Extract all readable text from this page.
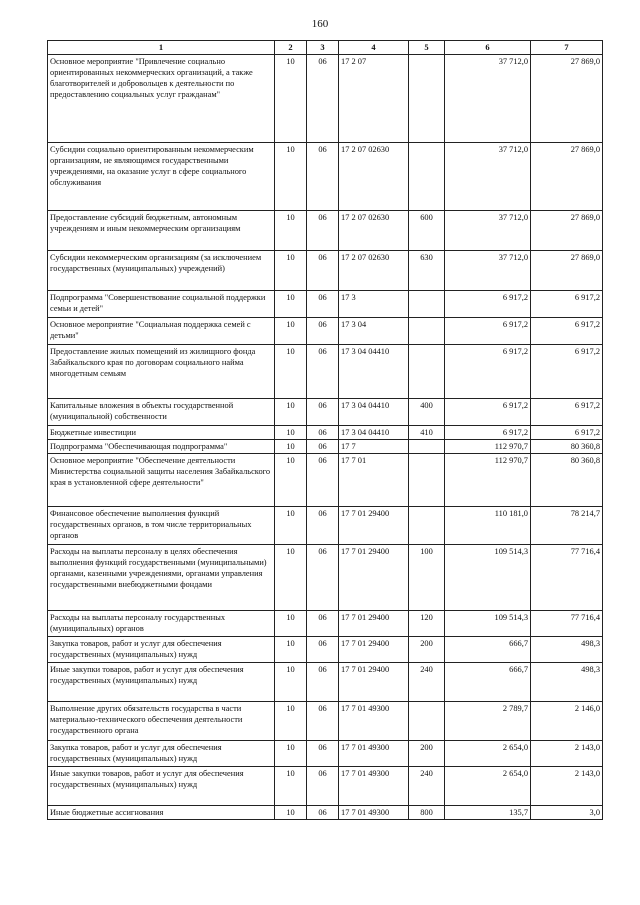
160
1	2	3	4	5	6	7
Основное мероприятие "Привлечение социально ориентированных некоммерческих организаций, а также благотворителей и добровольцев к деятельности по предоставлению социальных услуг гражданам"	10	06	17 2 07		37 712,0	27 869,0
Субсидии социально ориентированным некоммерческим организациям, не являющимся государственными учреждениями, на оказание услуг в сфере социального обслуживания	10	06	17 2 07 02630		37 712,0	27 869,0
Предоставление субсидий бюджетным, автономным учреждениям и иным некоммерческим организациям	10	06	17 2 07 02630	600	37 712,0	27 869,0
Субсидии некоммерческим организациям (за исключением государственных (муниципальных) учреждений)	10	06	17 2 07 02630	630	37 712,0	27 869,0
Подпрограмма "Совершенствование социальной поддержки семьи и детей"	10	06	17 3		6 917,2	6 917,2
Основное мероприятие "Социальная поддержка семей с детьми"	10	06	17 3 04		6 917,2	6 917,2
Предоставление жилых помещений из жилищного фонда Забайкальского края по договорам социального найма многодетным семьям	10	06	17 3 04 04410		6 917,2	6 917,2
Капитальные вложения в объекты государственной (муниципальной) собственности	10	06	17 3 04 04410	400	6 917,2	6 917,2
Бюджетные инвестиции	10	06	17 3 04 04410	410	6 917,2	6 917,2
Подпрограмма "Обеспечивающая подпрограмма"	10	06	17 7		112 970,7	80 360,8
Основное мероприятие "Обеспечение деятельности Министерства социальной защиты населения Забайкальского края в установленной сфере деятельности"	10	06	17 7 01		112 970,7	80 360,8
Финансовое обеспечение выполнения функций государственных органов, в том числе территориальных органов	10	06	17 7 01 29400		110 181,0	78 214,7
Расходы на выплаты персоналу в целях обеспечения выполнения функций государственными (муниципальными) органами, казенными учреждениями, органами управления государственными внебюджетными фондами	10	06	17 7 01 29400	100	109 514,3	77 716,4
Расходы на выплаты персоналу государственных (муниципальных) органов	10	06	17 7 01 29400	120	109 514,3	77 716,4
Закупка товаров, работ и услуг для обеспечения государственных (муниципальных) нужд	10	06	17 7 01 29400	200	666,7	498,3
Иные закупки товаров, работ и услуг для обеспечения государственных (муниципальных) нужд	10	06	17 7 01 29400	240	666,7	498,3
Выполнение других обязательств государства в части материально-технического обеспечения деятельности государственного органа	10	06	17 7 01 49300		2 789,7	2 146,0
Закупка товаров, работ и услуг для обеспечения государственных (муниципальных) нужд	10	06	17 7 01 49300	200	2 654,0	2 143,0
Иные закупки товаров, работ и услуг для обеспечения государственных (муниципальных) нужд	10	06	17 7 01 49300	240	2 654,0	2 143,0
Иные бюджетные ассигнования	10	06	17 7 01 49300	800	135,7	3,0
